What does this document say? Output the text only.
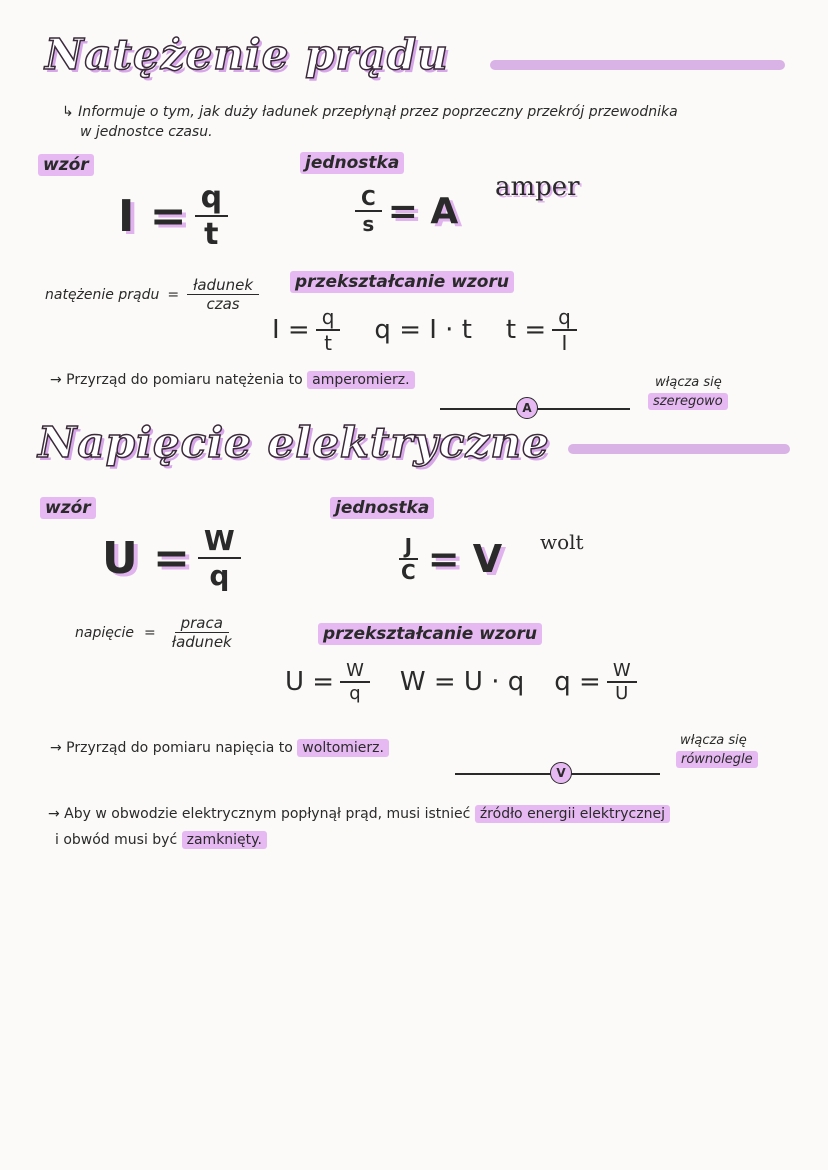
Natężenie prądu
↳ Informuje o tym, jak duży ładunek przepłynął przez poprzeczny przekrój przewodnika
w jednostce czasu.
wzór	jednostka
$I = \frac{q}{t}$	$\frac{C}{s} = A$
amper
natężenie prądu = $\frac{\text{ładunek}}{\text{czas}}$ przekształcanie wzoru
$I = \frac{q}{t}$ q = I · t $t = \frac{q}{I}$
→ Przyrząd do pomiaru natężenia to amperomierz.	włącza się
szeregowo
A
Napięcie elektryczne
wzór	jednostka
$U = \frac{W}{q}$	$\frac{J}{C} = V$ wolt
napięcie = $\frac{\text{praca}}{\text{ładunek}}$	przekształcanie wzoru
$U = \frac{W}{q}$ W = U · q $q = \frac{W}{U}$
→ Przyrząd do pomiaru napięcia to woltomierz.	włącza się
równolegle
V
→ Aby w obwodzie elektrycznym popłynął prąd, musi istnieć źródło energii elektrycznej
i obwód musi być zamknięty.
